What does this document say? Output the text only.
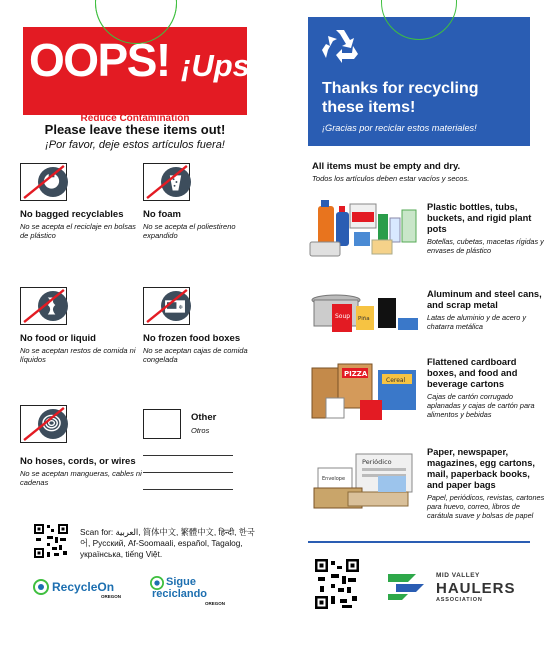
OOPS! ¡Ups!
Reduce Contamination
Please leave these items out!
¡Por favor, deje estos artículos fuera!
No bagged recyclables
No se acepta el reciclaje en bolsas de plástico
No foam
No se acepta el poliestireno expandido
No food or liquid
No se aceptan restos de comida ni líquidos
❄
No frozen food boxes
No se aceptan cajas de comida congelada
No hoses, cords, or wires
No se aceptan mangueras, cables ni cadenas
Other
Otros
Scan for: العربية, 简体中文, 繁體中文, हिन्दी, 한국어, Русский, Af-Soomaali, español, Tagalog, українська, tiếng Việt.
RecycleOn
OREGON
Sigue
reciclando
OREGON
Thanks for recycling these items!
¡Gracias por reciclar estos materiales!
All items must be empty and dry.
Todos los artículos deben estar vacíos y secos.
Plastic bottles, tubs, buckets, and rigid plant pots
Botellas, cubetas, macetas rígidas y envases de plástico
Soup Piña
Aluminum and steel cans, and scrap metal
Latas de aluminio y de acero y chatarra metálica
PIZZA
Cereal
Flattened cardboard boxes, and food and beverage cartons
Cajas de cartón corrugado aplanadas y cajas de cartón para alimentos y bebidas
Periódico
Envelope
Paper, newspaper, magazines, egg cartons, mail, paperback books, and paper bags
Papel, periódicos, revistas, cartones para huevo, correo, libros de carátula suave y bolsas de papel
MID VALLEY
HAULERS
ASSOCIATION
